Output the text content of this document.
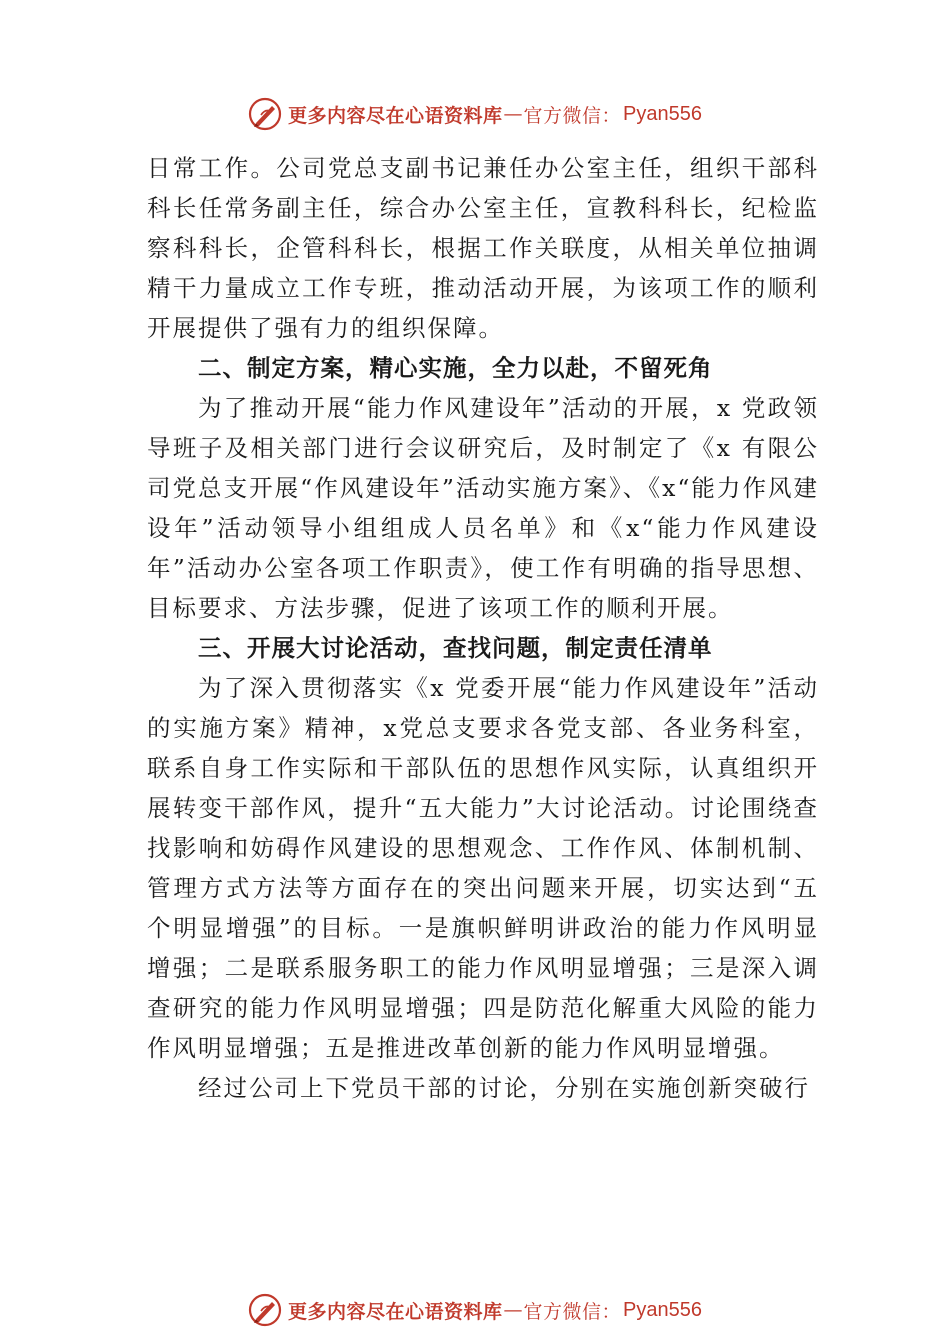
更多内容尽在心语资料库 — 官方微信： Pyan556

日常工作。公司党总支副书记兼任办公室主任，组织干部科科长任常务副主任，综合办公室主任，宣教科科长，纪检监察科科长，企管科科长，根据工作关联度，从相关单位抽调精干力量成立工作专班，推动活动开展，为该项工作的顺利开展提供了强有力的组织保障。

二、制定方案，精心实施，全力以赴，不留死角

为了推动开展“能力作风建设年”活动的开展，x 党政领导班子及相关部门进行会议研究后，及时制定了《x 有限公司党总支开展“作风建设年”活动实施方案》、《x“能力作风建设年”活动领导小组组成人员名单》和《x“能力作风建设年”活动办公室各项工作职责》，使工作有明确的指导思想、目标要求、方法步骤，促进了该项工作的顺利开展。

三、开展大讨论活动，查找问题，制定责任清单

为了深入贯彻落实《x 党委开展“能力作风建设年”活动的实施方案》精神，x党总支要求各党支部、各业务科室，联系自身工作实际和干部队伍的思想作风实际，认真组织开展转变干部作风，提升“五大能力”大讨论活动。讨论围绕查找影响和妨碍作风建设的思想观念、工作作风、体制机制、管理方式方法等方面存在的突出问题来开展，切实达到“五个明显增强”的目标。一是旗帜鲜明讲政治的能力作风明显增强；二是联系服务职工的能力作风明显增强；三是深入调查研究的能力作风明显增强；四是防范化解重大风险的能力作风明显增强；五是推进改革创新的能力作风明显增强。

经过公司上下党员干部的讨论，分别在实施创新突破行

更多内容尽在心语资料库 — 官方微信： Pyan556
